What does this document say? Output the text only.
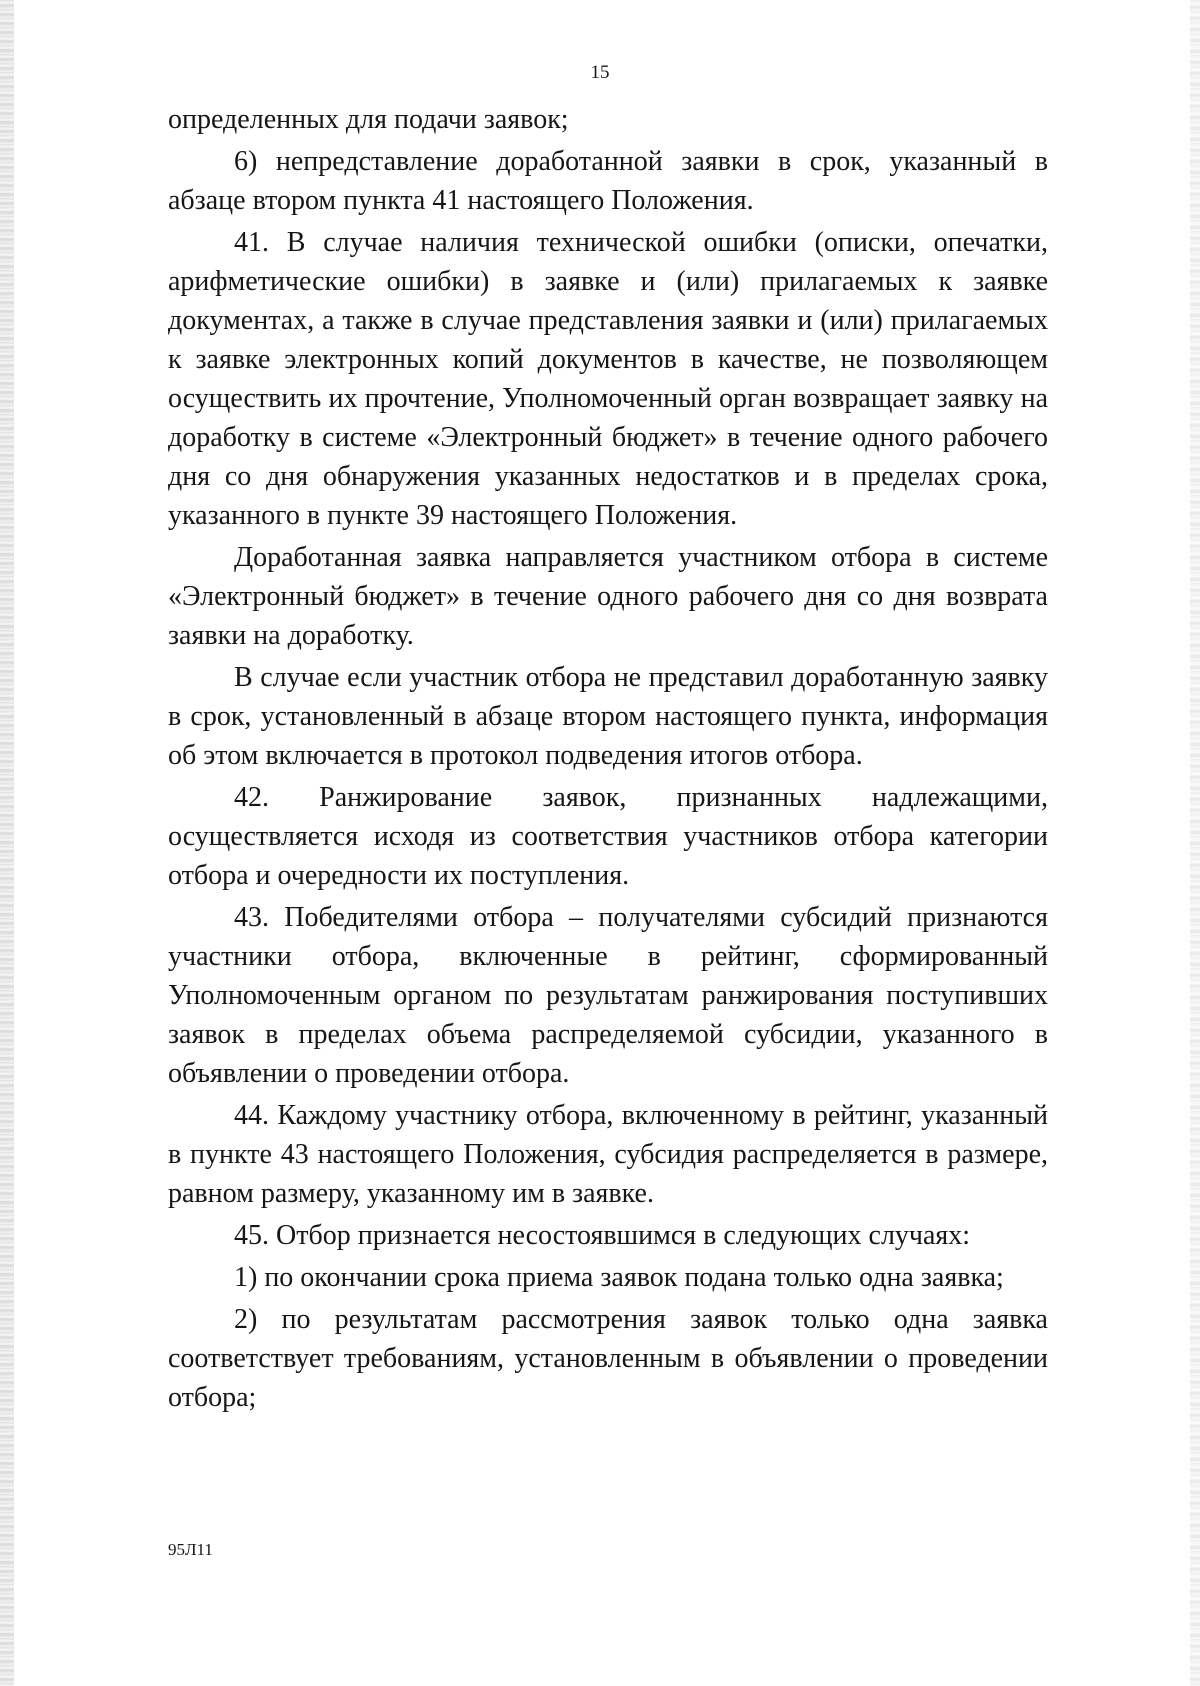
15

определенных для подачи заявок;

6) непредставление доработанной заявки в срок, указанный в абзаце втором пункта 41 настоящего Положения.

41. В случае наличия технической ошибки (описки, опечатки, арифметические ошибки) в заявке и (или) прилагаемых к заявке документах, а также в случае представления заявки и (или) прилагаемых к заявке электронных копий документов в качестве, не позволяющем осуществить их прочтение, Уполномоченный орган возвращает заявку на доработку в системе «Электронный бюджет» в течение одного рабочего дня со дня обнаружения указанных недостатков и в пределах срока, указанного в пункте 39 настоящего Положения.

Доработанная заявка направляется участником отбора в системе «Электронный бюджет» в течение одного рабочего дня со дня возврата заявки на доработку.

В случае если участник отбора не представил доработанную заявку в срок, установленный в абзаце втором настоящего пункта, информация об этом включается в протокол подведения итогов отбора.

42. Ранжирование заявок, признанных надлежащими, осуществляется исходя из соответствия участников отбора категории отбора и очередности их поступления.

43. Победителями отбора – получателями субсидий признаются участники отбора, включенные в рейтинг, сформированный Уполномоченным органом по результатам ранжирования поступивших заявок в пределах объема распределяемой субсидии, указанного в объявлении о проведении отбора.

44. Каждому участнику отбора, включенному в рейтинг, указанный в пункте 43 настоящего Положения, субсидия распределяется в размере, равном размеру, указанному им в заявке.

45. Отбор признается несостоявшимся в следующих случаях:

1) по окончании срока приема заявок подана только одна заявка;

2) по результатам рассмотрения заявок только одна заявка соответствует требованиям, установленным в объявлении о проведении отбора;

95Л11
